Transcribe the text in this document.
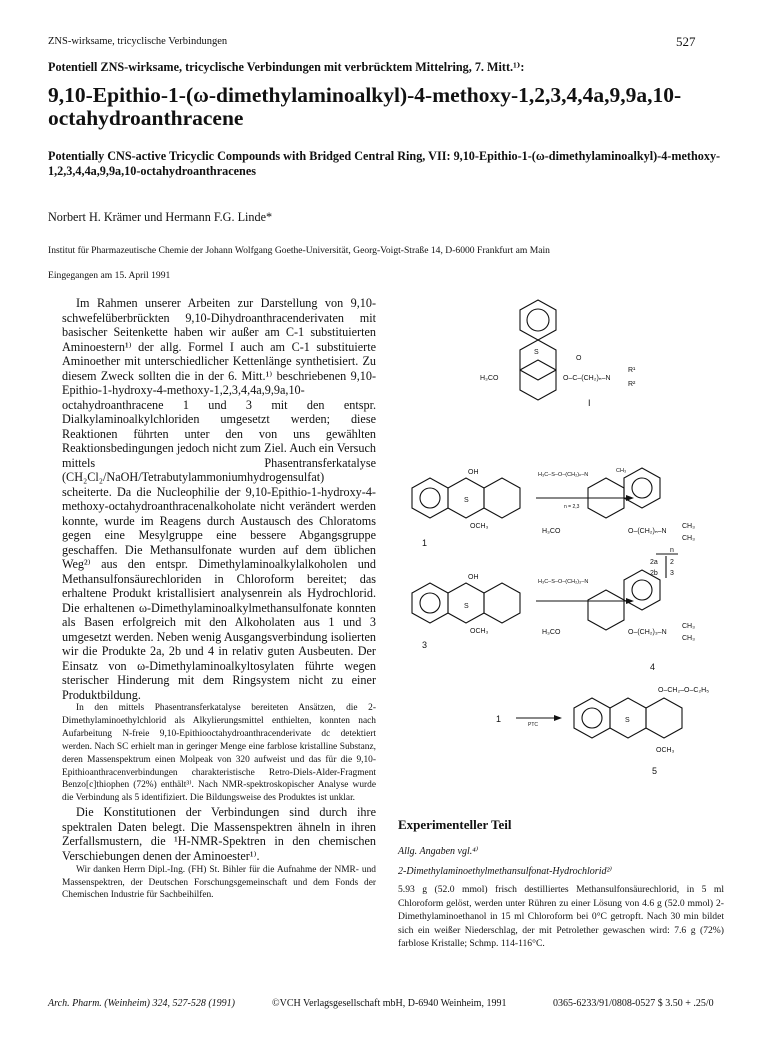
ZNS-wirksame, tricyclische Verbindungen	527
Potentiell ZNS-wirksame, tricyclische Verbindungen mit verbrücktem Mittelring, 7. Mitt.¹⁾:
9,10-Epithio-1-(ω-dimethylaminoalkyl)-4-methoxy-1,2,3,4,4a,9,9a,10-octahydroanthracene
Potentially CNS-active Tricyclic Compounds with Bridged Central Ring, VII: 9,10-Epithio-1-(ω-dimethylaminoalkyl)-4-methoxy-1,2,3,4,4a,9,9a,10-octahydroanthracenes
Norbert H. Krämer und Hermann F.G. Linde*
Institut für Pharmazeutische Chemie der Johann Wolfgang Goethe-Universität, Georg-Voigt-Straße 14, D-6000 Frankfurt am Main
Eingegangen am 15. April 1991

Im Rahmen unserer Arbeiten zur Darstellung von 9,10-schwefelüberbrückten 9,10-Dihydroanthracenderivaten mit basischer Seitenkette haben wir außer am C-1 substituierten Aminoestern¹⁾ der allg. Formel I auch am C-1 substituierte Aminoether mit unterschiedlicher Kettenlänge synthetisiert. Zu diesem Zweck sollten die in der 6. Mitt.¹⁾ beschriebenen 9,10-Epithio-1-hydroxy-4-methoxy-1,2,3,4,4a,9,9a,10-octahydroanthracene 1 und 3 mit den entspr. Dialkylaminoalkylchloriden umgesetzt werden; diese Reaktionen führten unter den von uns gewählten Reaktionsbedingungen jedoch nicht zum Ziel. Auch ein Versuch mittels Phasentransferkatalyse (CH₂Cl₂/NaOH/Tetrabutylammoniumhydrogensulfat) scheiterte. Da die Nucleophilie der 9,10-Epithio-1-hydroxy-4-methoxy-octahydroanthracenalkoholate nicht verändert werden konnte, wurde im Reagens durch Austausch des Chloratoms gegen eine Mesylgruppe eine bessere Abgangsgruppe geschaffen. Die Methansulfonate wurden auf dem üblichen Weg²⁾ aus den entspr. Dimethylaminoalkylalkoholen und Methansulfonsäurechloriden in Chloroform bereitet; das erhaltene Produkt kristallisiert analysenrein als Hydrochlorid. Die erhaltenen ω-Dimethylaminoalkylmethansulfonate konnten als Basen erfolgreich mit den Alkoholaten aus 1 und 3 umgesetzt werden. Neben wenig Ausgangsverbindung isolierten wir die Produkte 2a, 2b und 4 in relativ guten Ausbeuten. Der Einsatz von ω-Dimethylaminoalkyltosylaten führte wegen sterischer Hinderung mit dem Ringsystem nicht zu einer Produktbildung.

In den mittels Phasentransferkatalyse bereiteten Ansätzen, die 2-Dimethylaminoethylchlorid als Alkylierungsmittel enthielten, konnten nach Aufarbeitung N-freie 9,10-Epithiooctahydroanthracenderivate dc detektiert werden. Nach SC erhielt man in geringer Menge eine farblose kristalline Substanz, deren Massenspektrum einen Molpeak von 320 aufweist und das für die 9,10-Epithioanthracenverbindungen charakteristische Retro-Diels-Alder-Fragment Benzo[c]thiophen (72%) enthält³⁾. Nach NMR-spektroskopischer Analyse wurde die Verbindung als 5 identifiziert. Die Bildungsweise des Produktes ist unklar.

Die Konstitutionen der Verbindungen sind durch ihre spektralen Daten belegt. Die Massenspektren ähneln in ihren Zerfallsmustern, die ¹H-NMR-Spektren in den chemischen Verschiebungen denen der Aminoester¹⁾.

Wir danken Herrn Dipl.-Ing. (FH) St. Bihler für die Aufnahme der NMR- und Massenspektren, der Deutschen Forschungsgemeinschaft und dem Fonds der Chemischen Industrie für Sachbeihilfen.

S
H₃CO	O–C–(CH₂)ₙ–N
O
R¹
R²
I
S
OH
OCH₃
1
H₃C–S–O–(CH₂)ₙ–N
CH₃
n = 2,3
H₃CO	O–(CH₂)ₙ–N
CH₃
CH₃
n
2a 2
2b 3
S
OH
OCH₃
3
H₃C–S–O–(CH₂)₃–N
H₃CO	O–(CH₂)₃–N
CH₃
CH₃
4
1
PTC
S
O–CH₂–O–C₂H₅
OCH₃
5
Experimenteller Teil
Allg. Angaben vgl.⁴⁾
2-Dimethylaminoethylmethansulfonat-Hydrochlorid²⁾
5.93 g (52.0 mmol) frisch destilliertes Methansulfonsäurechlorid, in 5 ml Chloroform gelöst, werden unter Rühren zu einer Lösung von 4.6 g (52.0 mmol) 2-Dimethylaminoethanol in 15 ml Chloroform bei 0°C getropft. Nach 30 min bildet sich ein weißer Niederschlag, der mit Petrolether gewaschen wird: 7.6 g (72%) farblose Kristalle; Schmp. 114-116°C.
Arch. Pharm. (Weinheim) 324, 527-528 (1991)	©VCH Verlagsgesellschaft mbH, D-6940 Weinheim, 1991	0365-6233/91/0808-0527 $ 3.50 + .25/0
